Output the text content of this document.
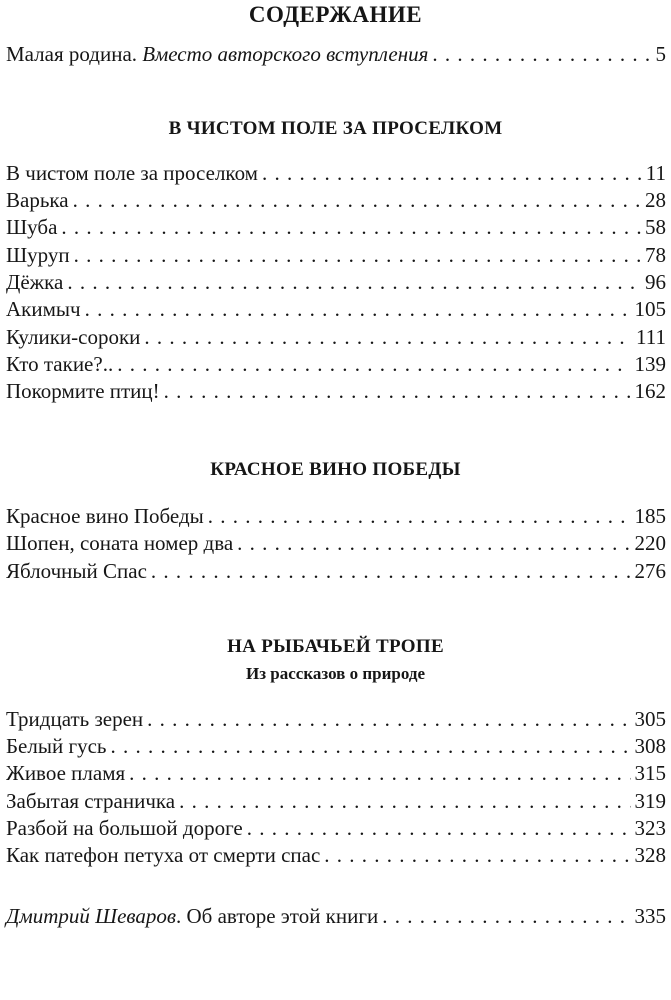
СОДЕРЖАНИЕ
Малая родина. Вместо авторского вступления . . .	5
В ЧИСТОМ ПОЛЕ ЗА ПРОСЕЛКОМ
В чистом поле за проселком . . .	11
Варька . . .	28
Шуба . . .	58
Шуруп . . .	78
Дёжка . . .	96
Акимыч . . .	105
Кулики-сороки . . .	111
Кто такие?.. . . .	139
Покормите птиц! . . .	162
КРАСНОЕ ВИНО ПОБЕДЫ
Красное вино Победы . . .	185
Шопен, соната номер два . . .	220
Яблочный Спас . . .	276
НА РЫБАЧЬЕЙ ТРОПЕ
Из рассказов о природе
Тридцать зерен . . .	305
Белый гусь . . .	308
Живое пламя . . .	315
Забытая страничка . . .	319
Разбой на большой дороге . . .	323
Как патефон петуха от смерти спас . . .	328
Дмитрий Шеваров. Об авторе этой книги . . .	335
